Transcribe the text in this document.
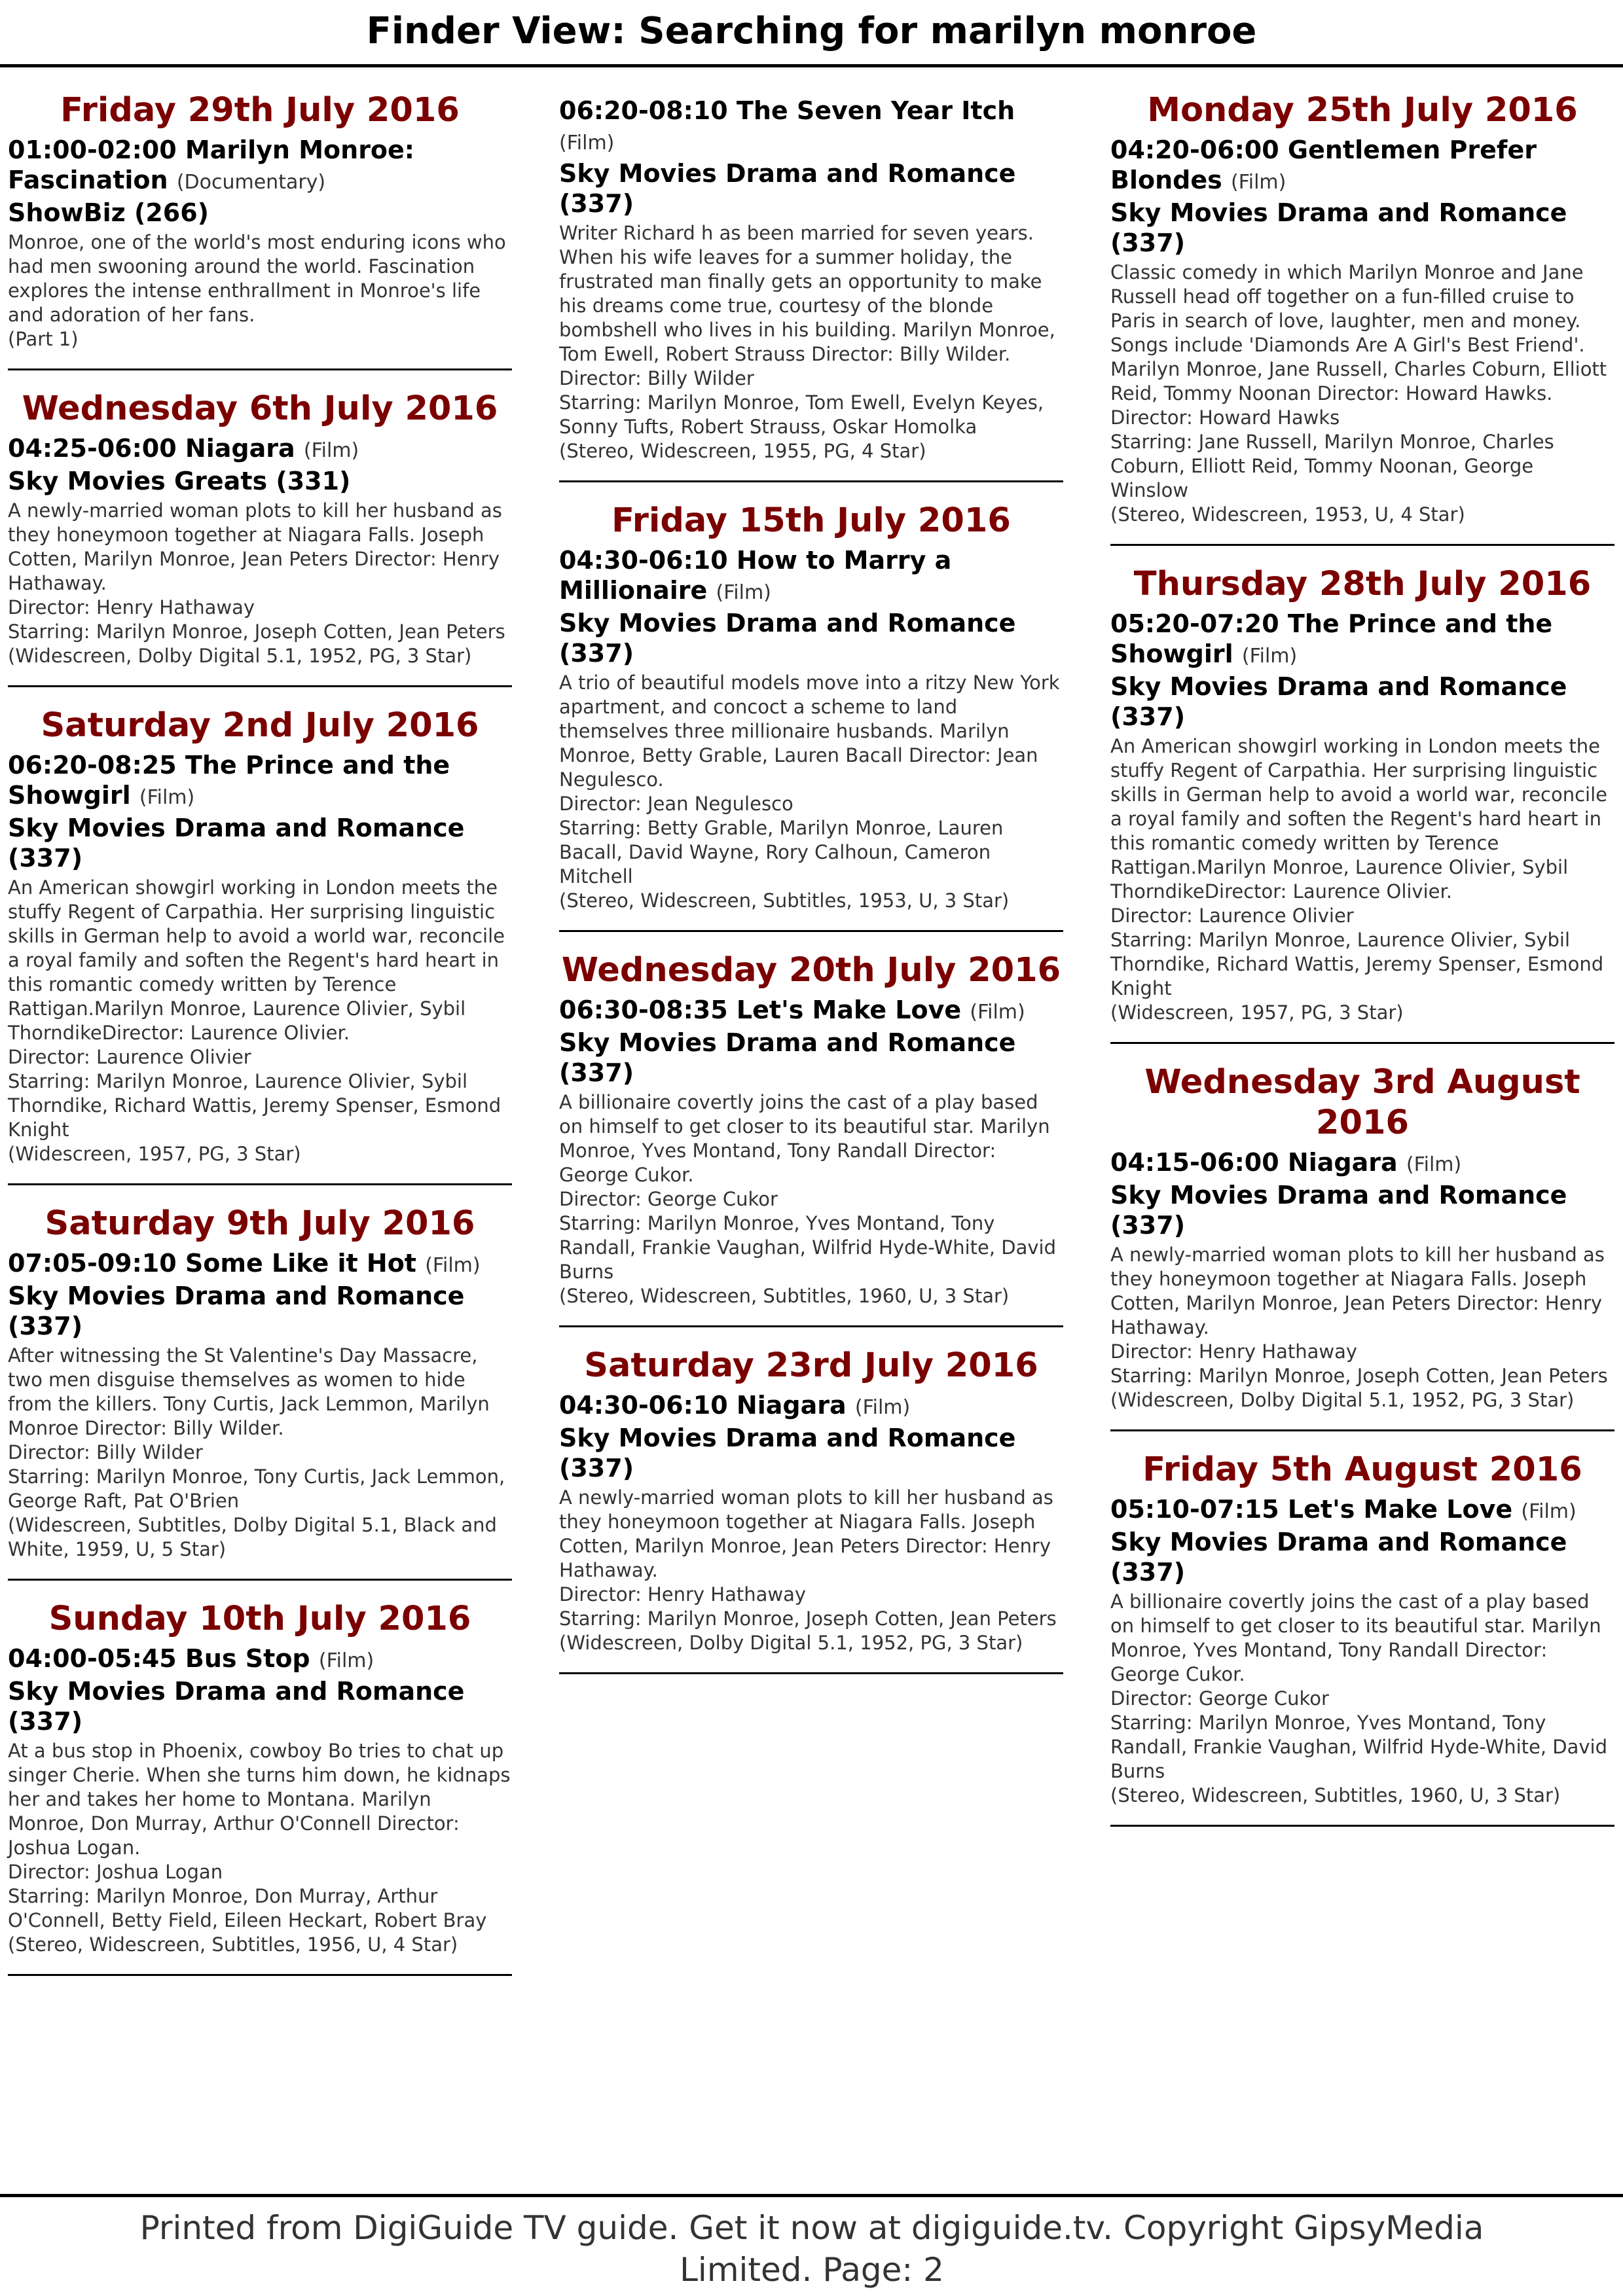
Finder View: Searching for marilyn monroe
Friday 29th July 2016
01:00-02:00 Marilyn Monroe: Fascination (Documentary)
ShowBiz (266)
Monroe, one of the world's most enduring icons who had men swooning around the world. Fascination explores the intense enthrallment in Monroe's life and adoration of her fans.
(Part 1)
Wednesday 6th July 2016
04:25-06:00 Niagara (Film)
Sky Movies Greats (331)
A newly-married woman plots to kill her husband as they honeymoon together at Niagara Falls. Joseph Cotten, Marilyn Monroe, Jean Peters Director: Henry Hathaway.
Director: Henry Hathaway
Starring: Marilyn Monroe, Joseph Cotten, Jean Peters
(Widescreen, Dolby Digital 5.1, 1952, PG, 3 Star)
Saturday 2nd July 2016
06:20-08:25 The Prince and the Showgirl (Film)
Sky Movies Drama and Romance (337)
An American showgirl working in London meets the stuffy Regent of Carpathia. Her surprising linguistic skills in German help to avoid a world war, reconcile a royal family and soften the Regent's hard heart in this romantic comedy written by Terence Rattigan.Marilyn Monroe, Laurence Olivier, Sybil ThorndikeDirector: Laurence Olivier.
Director: Laurence Olivier
Starring: Marilyn Monroe, Laurence Olivier, Sybil Thorndike, Richard Wattis, Jeremy Spenser, Esmond Knight
(Widescreen, 1957, PG, 3 Star)
Saturday 9th July 2016
07:05-09:10 Some Like it Hot (Film)
Sky Movies Drama and Romance (337)
After witnessing the St Valentine's Day Massacre, two men disguise themselves as women to hide from the killers. Tony Curtis, Jack Lemmon, Marilyn Monroe Director: Billy Wilder.
Director: Billy Wilder
Starring: Marilyn Monroe, Tony Curtis, Jack Lemmon, George Raft, Pat O'Brien
(Widescreen, Subtitles, Dolby Digital 5.1, Black and White, 1959, U, 5 Star)
Sunday 10th July 2016
04:00-05:45 Bus Stop (Film)
Sky Movies Drama and Romance (337)
At a bus stop in Phoenix, cowboy Bo tries to chat up singer Cherie. When she turns him down, he kidnaps her and takes her home to Montana. Marilyn Monroe, Don Murray, Arthur O'Connell Director: Joshua Logan.
Director: Joshua Logan
Starring: Marilyn Monroe, Don Murray, Arthur O'Connell, Betty Field, Eileen Heckart, Robert Bray
(Stereo, Widescreen, Subtitles, 1956, U, 4 Star)
06:20-08:10 The Seven Year Itch (Film)
Sky Movies Drama and Romance (337)
Writer Richard h as been married for seven years. When his wife leaves for a summer holiday, the frustrated man finally gets an opportunity to make his dreams come true, courtesy of the blonde bombshell who lives in his building. Marilyn Monroe, Tom Ewell, Robert Strauss Director: Billy Wilder.
Director: Billy Wilder
Starring: Marilyn Monroe, Tom Ewell, Evelyn Keyes, Sonny Tufts, Robert Strauss, Oskar Homolka
(Stereo, Widescreen, 1955, PG, 4 Star)
Friday 15th July 2016
04:30-06:10 How to Marry a Millionaire (Film)
Sky Movies Drama and Romance (337)
A trio of beautiful models move into a ritzy New York apartment, and concoct a scheme to land themselves three millionaire husbands. Marilyn Monroe, Betty Grable, Lauren Bacall Director: Jean Negulesco.
Director: Jean Negulesco
Starring: Betty Grable, Marilyn Monroe, Lauren Bacall, David Wayne, Rory Calhoun, Cameron Mitchell
(Stereo, Widescreen, Subtitles, 1953, U, 3 Star)
Wednesday 20th July 2016
06:30-08:35 Let's Make Love (Film)
Sky Movies Drama and Romance (337)
A billionaire covertly joins the cast of a play based on himself to get closer to its beautiful star. Marilyn Monroe, Yves Montand, Tony Randall Director: George Cukor.
Director: George Cukor
Starring: Marilyn Monroe, Yves Montand, Tony Randall, Frankie Vaughan, Wilfrid Hyde-White, David Burns
(Stereo, Widescreen, Subtitles, 1960, U, 3 Star)
Saturday 23rd July 2016
04:30-06:10 Niagara (Film)
Sky Movies Drama and Romance (337)
A newly-married woman plots to kill her husband as they honeymoon together at Niagara Falls. Joseph Cotten, Marilyn Monroe, Jean Peters Director: Henry Hathaway.
Director: Henry Hathaway
Starring: Marilyn Monroe, Joseph Cotten, Jean Peters
(Widescreen, Dolby Digital 5.1, 1952, PG, 3 Star)
Monday 25th July 2016
04:20-06:00 Gentlemen Prefer Blondes (Film)
Sky Movies Drama and Romance (337)
Classic comedy in which Marilyn Monroe and Jane Russell head off together on a fun-filled cruise to Paris in search of love, laughter, men and money. Songs include 'Diamonds Are A Girl's Best Friend'. Marilyn Monroe, Jane Russell, Charles Coburn, Elliott Reid, Tommy Noonan Director: Howard Hawks.
Director: Howard Hawks
Starring: Jane Russell, Marilyn Monroe, Charles Coburn, Elliott Reid, Tommy Noonan, George Winslow
(Stereo, Widescreen, 1953, U, 4 Star)
Thursday 28th July 2016
05:20-07:20 The Prince and the Showgirl (Film)
Sky Movies Drama and Romance (337)
An American showgirl working in London meets the stuffy Regent of Carpathia. Her surprising linguistic skills in German help to avoid a world war, reconcile a royal family and soften the Regent's hard heart in this romantic comedy written by Terence Rattigan.Marilyn Monroe, Laurence Olivier, Sybil ThorndikeDirector: Laurence Olivier.
Director: Laurence Olivier
Starring: Marilyn Monroe, Laurence Olivier, Sybil Thorndike, Richard Wattis, Jeremy Spenser, Esmond Knight
(Widescreen, 1957, PG, 3 Star)
Wednesday 3rd August 2016
04:15-06:00 Niagara (Film)
Sky Movies Drama and Romance (337)
A newly-married woman plots to kill her husband as they honeymoon together at Niagara Falls. Joseph Cotten, Marilyn Monroe, Jean Peters Director: Henry Hathaway.
Director: Henry Hathaway
Starring: Marilyn Monroe, Joseph Cotten, Jean Peters
(Widescreen, Dolby Digital 5.1, 1952, PG, 3 Star)
Friday 5th August 2016
05:10-07:15 Let's Make Love (Film)
Sky Movies Drama and Romance (337)
A billionaire covertly joins the cast of a play based on himself to get closer to its beautiful star. Marilyn Monroe, Yves Montand, Tony Randall Director: George Cukor.
Director: George Cukor
Starring: Marilyn Monroe, Yves Montand, Tony Randall, Frankie Vaughan, Wilfrid Hyde-White, David Burns
(Stereo, Widescreen, Subtitles, 1960, U, 3 Star)
Printed from DigiGuide TV guide. Get it now at digiguide.tv. Copyright GipsyMedia Limited. Page: 2
